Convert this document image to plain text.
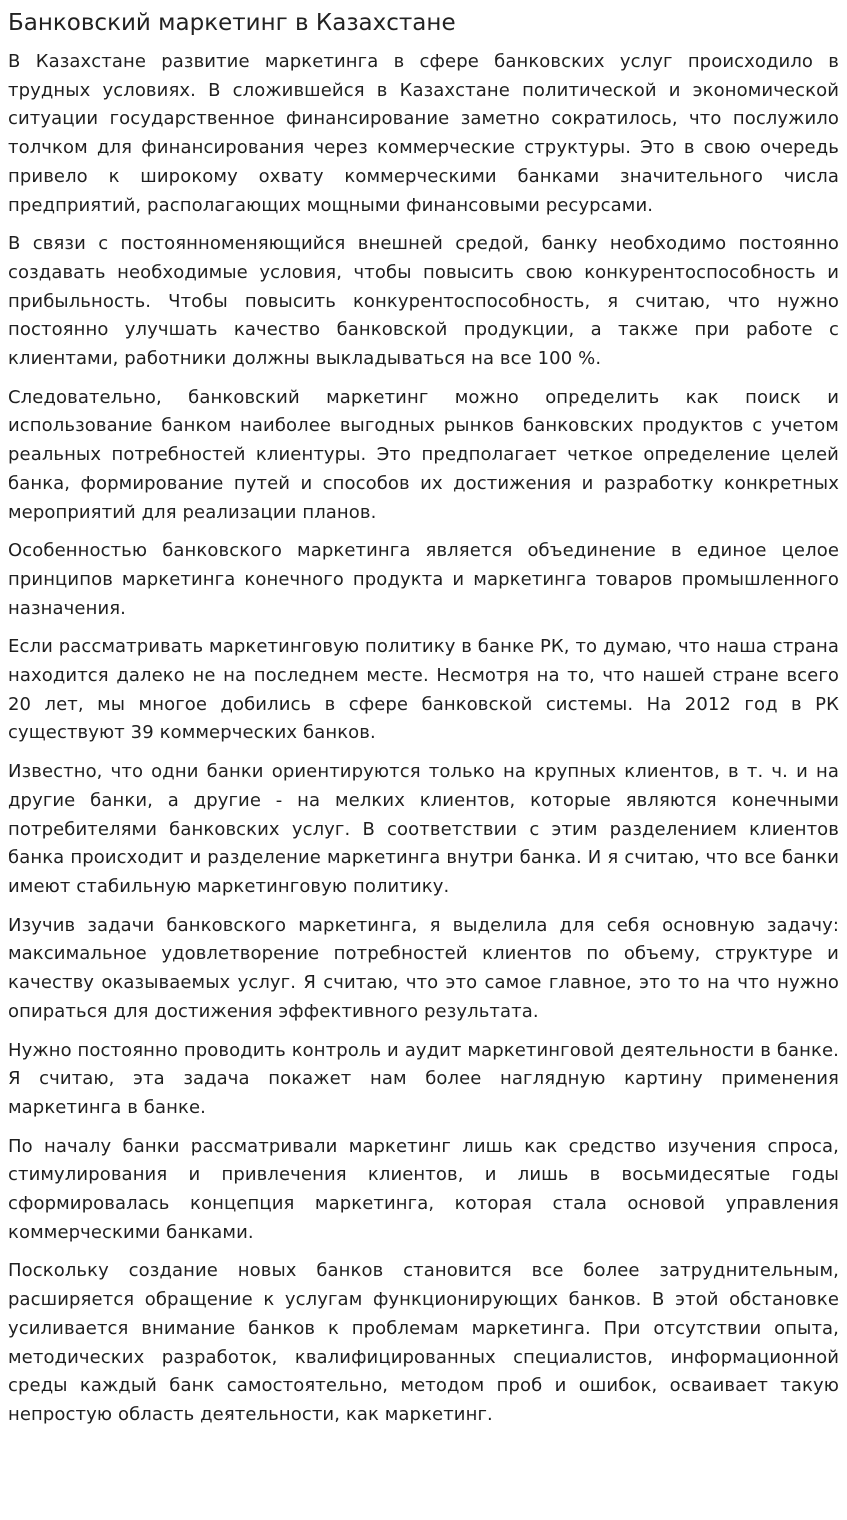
Банковский маркетинг в Казахстане

В Казахстане развитие маркетинга в сфере банковских услуг происходило в трудных условиях. В сложившейся в Казахстане политической и экономической ситуации государственное финансирование заметно сократилось, что послужило толчком для финансирования через коммерческие структуры. Это в свою очередь привело к широкому охвату коммерческими банками значительного числа предприятий, располагающих мощными финансовыми ресурсами.

В связи с постоянноменяющийся внешней средой, банку необходимо постоянно создавать необходимые условия, чтобы повысить свою конкурентоспособность и прибыльность. Чтобы повысить конкурентоспособность, я считаю, что нужно постоянно улучшать качество банковской продукции, а также при работе с клиентами, работники должны выкладываться на все 100 %.

Следовательно, банковский маркетинг можно определить как поиск и использование банком наиболее выгодных рынков банковских продуктов с учетом реальных потребностей клиентуры. Это предполагает четкое определение целей банка, формирование путей и способов их достижения и разработку конкретных мероприятий для реализации планов.

Особенностью банковского маркетинга является объединение в единое целое принципов маркетинга конечного продукта и маркетинга товаров промышленного назначения.

Если рассматривать маркетинговую политику в банке РК, то думаю, что наша страна находится далеко не на последнем месте. Несмотря на то, что нашей стране всего 20 лет, мы многое добились в сфере банковской системы. На 2012 год в РК существуют 39 коммерческих банков.

Известно, что одни банки ориентируются только на крупных клиентов, в т. ч. и на другие банки, а другие - на мелких клиентов, которые являются конечными потребителями банковских услуг. В соответствии с этим разделением клиентов банка происходит и разделение маркетинга внутри банка. И я считаю, что все банки имеют стабильную маркетинговую политику.

Изучив задачи банковского маркетинга, я выделила для себя основную задачу: максимальное удовлетворение потребностей клиентов по объему, структуре и качеству оказываемых услуг. Я считаю, что это самое главное, это то на что нужно опираться для достижения эффективного результата.

Нужно постоянно проводить контроль и аудит маркетинговой деятельности в банке. Я считаю, эта задача покажет нам более наглядную картину применения маркетинга в банке.

По началу банки рассматривали маркетинг лишь как средство изучения спроса, стимулирования и привлечения клиентов, и лишь в восьмидесятые годы сформировалась концепция маркетинга, которая стала основой управления коммерческими банками.

Поскольку создание новых банков становится все более затруднительным, расширяется обращение к услугам функционирующих банков. В этой обстановке усиливается внимание банков к проблемам маркетинга. При отсутствии опыта, методических разработок, квалифицированных специалистов, информационной среды каждый банк самостоятельно, методом проб и ошибок, осваивает такую непростую область деятельности, как маркетинг.
